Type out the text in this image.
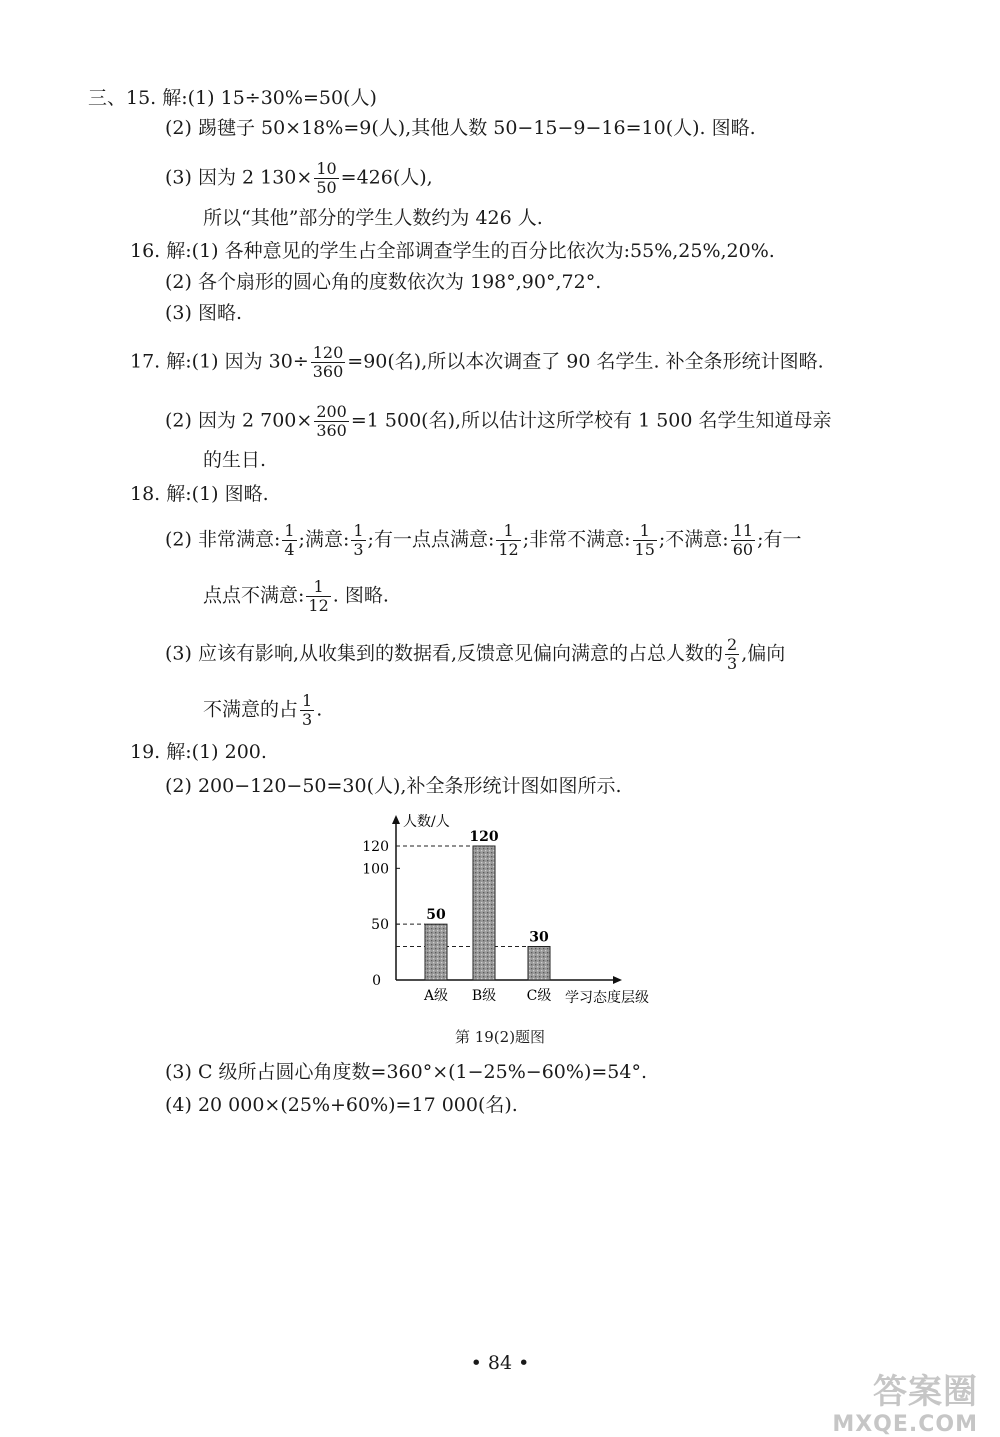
三、15. 解:(1) 15÷30%=50(人)
(2) 踢毽子 50×18%=9(人),其他人数 50−15−9−16=10(人). 图略.
(3) 因为 2 $130\times \frac{10}{50} =426$(人),
所以“其他”部分的学生人数约为 426 人.
16. 解:(1) 各种意见的学生占全部调查学生的百分比依次为:55%,25%,20%.
(2) 各个扇形的圆心角的度数依次为 198°,90°,72°.
(3) 图略.
17. 解:(1) 因为 $30\div \frac{120}{360} =90$(名),所以本次调查了 90 名学生. 补全条形统计图略.
(2) 因为 2 $700\times \frac{200}{360} =1$ 500(名),所以估计这所学校有 1 500 名学生知道母亲
的生日.
18. 解:(1) 图略.
(2) 非常满意: $\frac{1}{4}$ ;满意: $\frac{1}{3}$ ;有一点点满意: $\frac{1}{12}$ ;非常不满意: $\frac{1}{15}$ ;不满意: $\frac{11}{60}$ ;有一
点点不满意: $\frac{1}{12}$ . 图略.
(3) 应该有影响,从收集到的数据看,反馈意见偏向满意的占总人数的 $\frac{2}{3}$ ,偏向
不满意的占 $\frac{1}{3}$ .
19. 解:(1) 200.
(2) 200−120−50=30(人),补全条形统计图如图所示.
人数/人
学习态度层级
0
50
100
120
50
A级
120
B级
30
C级
第 19(2)题图
(3) C 级所占圆心角度数=360°×(1−25%−60%)=54°.
(4) 20 000×(25%+60%)=17 000(名).
• 84 •
答案圈
MXQE.COM
